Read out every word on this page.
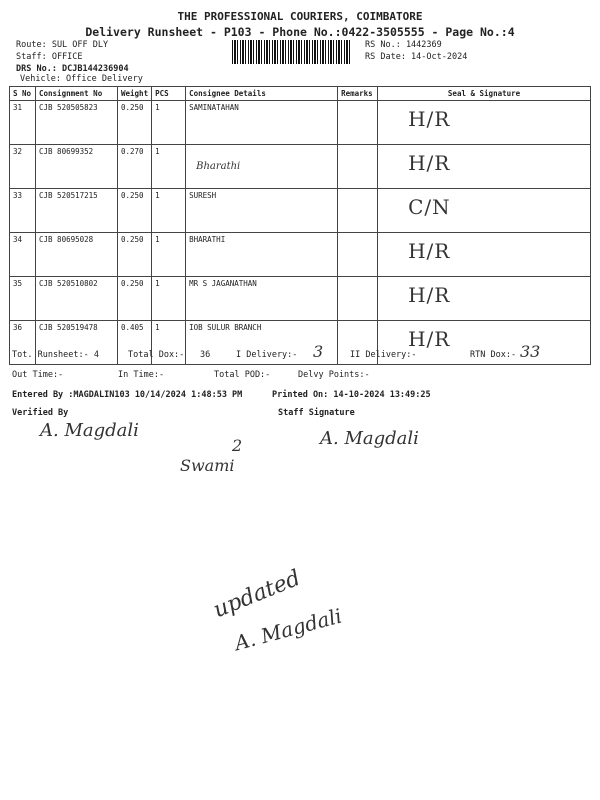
THE PROFESSIONAL COURIERS, COIMBATORE
Delivery Runsheet - P103 - Phone No.:0422-3505555 - Page No.:4
Route: SUL OFF DLY
Staff: OFFICE
DRS No.: DCJB144236904
Vehicle: Office Delivery
RS No.: 1442369
RS Date: 14-Oct-2024
S No	Consignment No	Weight	PCS	Consignee Details	Remarks	Seal & Signature
31	CJB 520505823	0.250	1	SAMINATAHAN		H/R

32	CJB 80699352	0.270	1	Bharathi		H/R

33	CJB 520517215	0.250	1	SURESH		C/N

34	CJB 80695028	0.250	1	BHARATHI		H/R

35	CJB 520510802	0.250	1	MR S JAGANATHAN		H/R

36	CJB 520519478	0.405	1	IOB SULUR BRANCH		H/R
Tot. Runsheet:- 4	Total Dox:- 36	I Delivery:- 3	II Delivery:-	RTN Dox:- 33
Out Time:-	In Time:-	Total POD:-	Delvy Points:-
Entered By :MAGDALIN103 10/14/2024 1:48:53 PM	Printed On: 14-10-2024 13:49:25
Verified By	Staff Signature
A. Magdali	A. Magdali
2
Swami
updated
A. Magdali
